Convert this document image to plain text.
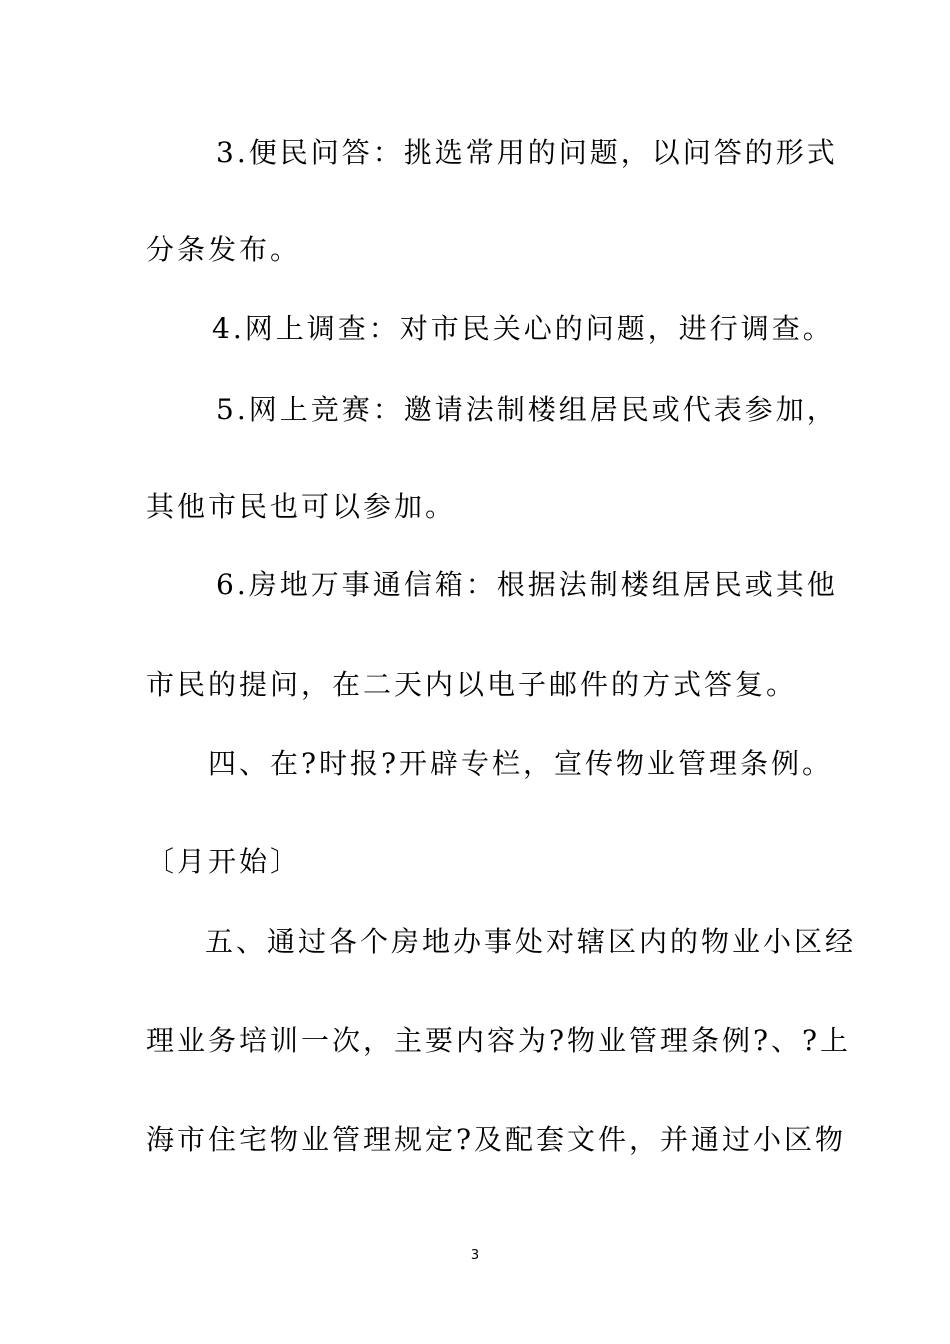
3.便民问答：挑选常用的问题，以问答的形式
分条发布。
4.网上调查：对市民关心的问题，进行调查。
5.网上竞赛：邀请法制楼组居民或代表参加，
其他市民也可以参加。
6.房地万事通信箱：根据法制楼组居民或其他
市民的提问，在二天内以电子邮件的方式答复。
四、在?时报?开辟专栏，宣传物业管理条例。
〔月开始〕
五、通过各个房地办事处对辖区内的物业小区经
理业务培训一次，主要内容为?物业管理条例?、?上
海市住宅物业管理规定?及配套文件，并通过小区物
3
